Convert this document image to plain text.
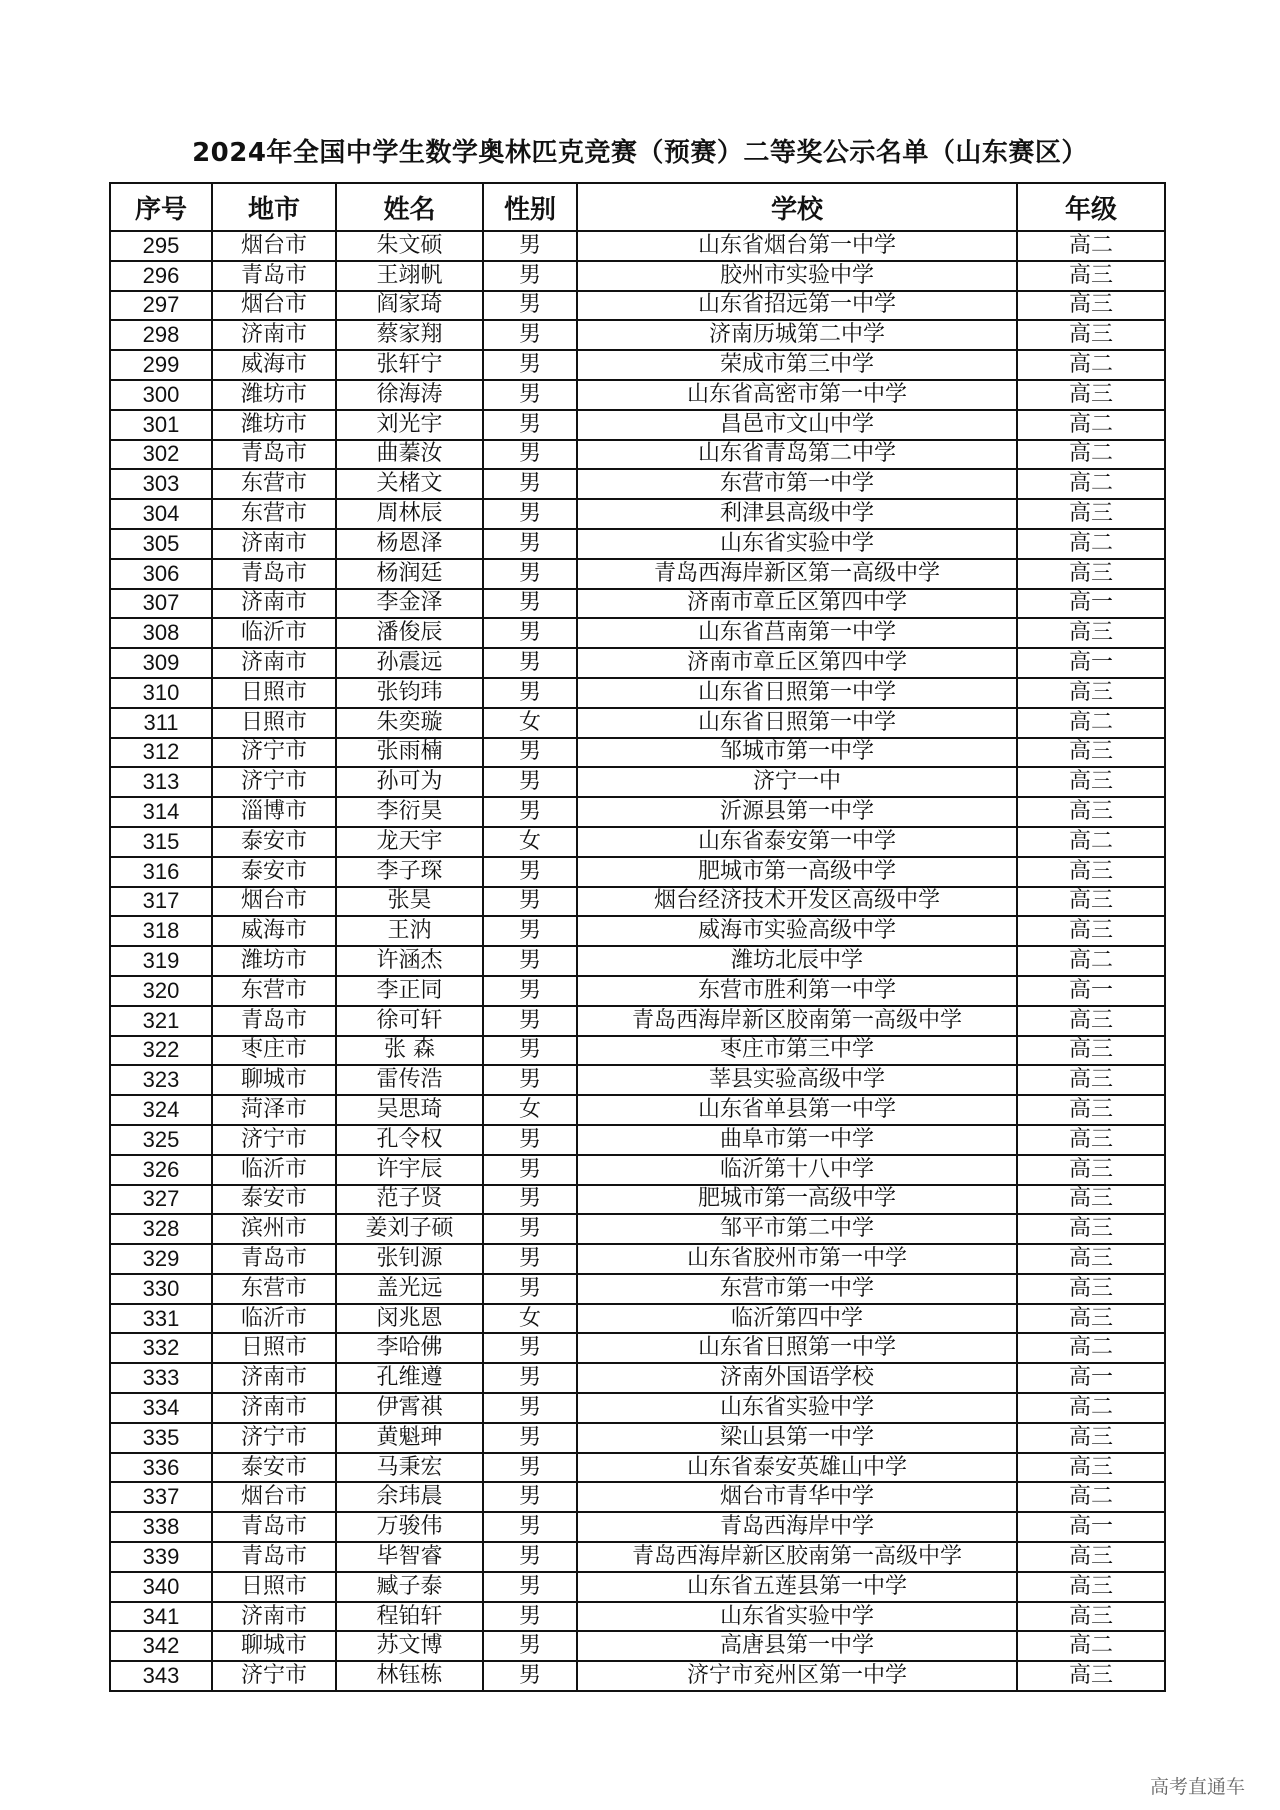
2024年全国中学生数学奥林匹克竞赛（预赛）二等奖公示名单（山东赛区）
序号	地市	姓名	性别	学校	年级
295	烟台市	朱文硕	男	山东省烟台第一中学	高二
296	青岛市	王翊帆	男	胶州市实验中学	高三
297	烟台市	阎家琦	男	山东省招远第一中学	高三
298	济南市	蔡家翔	男	济南历城第二中学	高三
299	威海市	张轩宁	男	荣成市第三中学	高二
300	潍坊市	徐海涛	男	山东省高密市第一中学	高三
301	潍坊市	刘光宇	男	昌邑市文山中学	高二
302	青岛市	曲蓁汝	男	山东省青岛第二中学	高二
303	东营市	关楮文	男	东营市第一中学	高二
304	东营市	周林辰	男	利津县高级中学	高三
305	济南市	杨恩泽	男	山东省实验中学	高二
306	青岛市	杨润廷	男	青岛西海岸新区第一高级中学	高三
307	济南市	李金泽	男	济南市章丘区第四中学	高一
308	临沂市	潘俊辰	男	山东省莒南第一中学	高三
309	济南市	孙震远	男	济南市章丘区第四中学	高一
310	日照市	张钧玮	男	山东省日照第一中学	高三
311	日照市	朱奕璇	女	山东省日照第一中学	高二
312	济宁市	张雨楠	男	邹城市第一中学	高三
313	济宁市	孙可为	男	济宁一中	高三
314	淄博市	李衍昊	男	沂源县第一中学	高三
315	泰安市	龙天宇	女	山东省泰安第一中学	高二
316	泰安市	李子琛	男	肥城市第一高级中学	高三
317	烟台市	张昊	男	烟台经济技术开发区高级中学	高三
318	威海市	王汭	男	威海市实验高级中学	高三
319	潍坊市	许涵杰	男	潍坊北辰中学	高二
320	东营市	李正同	男	东营市胜利第一中学	高一
321	青岛市	徐可轩	男	青岛西海岸新区胶南第一高级中学	高三
322	枣庄市	张 森	男	枣庄市第三中学	高三
323	聊城市	雷传浩	男	莘县实验高级中学	高三
324	菏泽市	吴思琦	女	山东省单县第一中学	高三
325	济宁市	孔令权	男	曲阜市第一中学	高三
326	临沂市	许宇辰	男	临沂第十八中学	高三
327	泰安市	范子贤	男	肥城市第一高级中学	高三
328	滨州市	姜刘子硕	男	邹平市第二中学	高三
329	青岛市	张钊源	男	山东省胶州市第一中学	高三
330	东营市	盖光远	男	东营市第一中学	高三
331	临沂市	闵兆恩	女	临沂第四中学	高三
332	日照市	李哈佛	男	山东省日照第一中学	高二
333	济南市	孔维遵	男	济南外国语学校	高一
334	济南市	伊霄祺	男	山东省实验中学	高二
335	济宁市	黄魁珅	男	梁山县第一中学	高三
336	泰安市	马秉宏	男	山东省泰安英雄山中学	高三
337	烟台市	余玮晨	男	烟台市青华中学	高二
338	青岛市	万骏伟	男	青岛西海岸中学	高一
339	青岛市	毕智睿	男	青岛西海岸新区胶南第一高级中学	高三
340	日照市	臧子泰	男	山东省五莲县第一中学	高三
341	济南市	程铂轩	男	山东省实验中学	高三
342	聊城市	苏文博	男	高唐县第一中学	高二
343	济宁市	林钰栋	男	济宁市兖州区第一中学	高三
高考直通车
